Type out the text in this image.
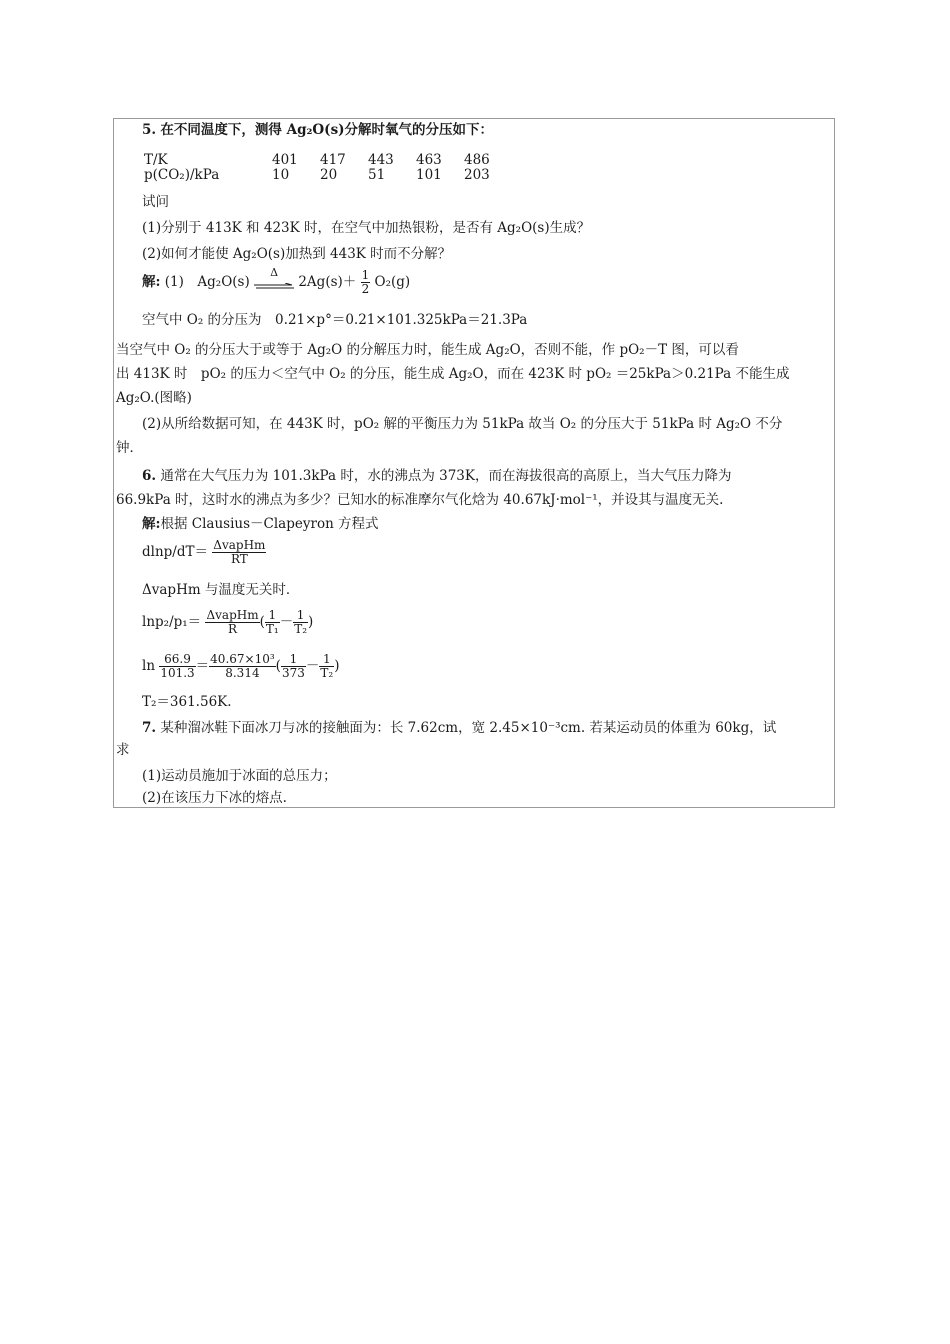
5. 在不同温度下，测得 Ag₂O(s)分解时氧气的分压如下：
T/K	401	417	443	463	486
p(CO₂)/kPa	10	20	51	101	203
试问
(1)分别于 413K 和 423K 时，在空气中加热银粉，是否有 Ag₂O(s)生成？
(2)如何才能使 Ag₂O(s)加热到 443K 时而不分解？
解: (1)　Ag₂O(s)
Δ
$2Ag(s)+ \frac{1}{2} O_2(g)$
空气中 O₂ 的分压为　0.21×p°＝0.21×101.325kPa＝21.3Pa
当空气中 O₂ 的分压大于或等于 Ag₂O 的分解压力时，能生成 Ag₂O，否则不能，作 pO₂－T 图，可以看
出 413K 时　pO₂ 的压力＜空气中 O₂ 的分压，能生成 Ag₂O，而在 423K 时 pO₂ ＝25kPa＞0.21Pa 不能生成
Ag₂O.(图略)
(2)从所给数据可知，在 443K 时，pO₂ 解的平衡压力为 51kPa 故当 O₂ 的分压大于 51kPa 时 Ag₂O 不分
钟．
6. 通常在大气压力为 101.3kPa 时，水的沸点为 373K，而在海拔很高的高原上，当大气压力降为
66.9kPa 时，这时水的沸点为多少？已知水的标准摩尔气化焓为 40.67kJ·mol⁻¹，并设其与温度无关.
解:根据 Clausius－Clapeyron 方程式
$dlnp/dT= \frac{\text{ΔvapHm}}{RT}$
ΔvapHm 与温度无关时．
$\ln p_2/p_1= \frac{\text{ΔvapHm}}{R}$ ( $\frac{1}{\text{T₁}} - \frac{1}{\text{T₂}}$ )
$\ln \frac{66.9}{101.3} = \frac{\text{40.67×10³}}{8.314}$ ( $\frac{1}{373} - \frac{1}{\text{T₂}}$ )
T₂＝361.56K.
7. 某种溜冰鞋下面冰刀与冰的接触面为：长 7.62cm，宽 2.45×10⁻³cm. 若某运动员的体重为 60kg，试
求
(1)运动员施加于冰面的总压力；
(2)在该压力下冰的熔点.
